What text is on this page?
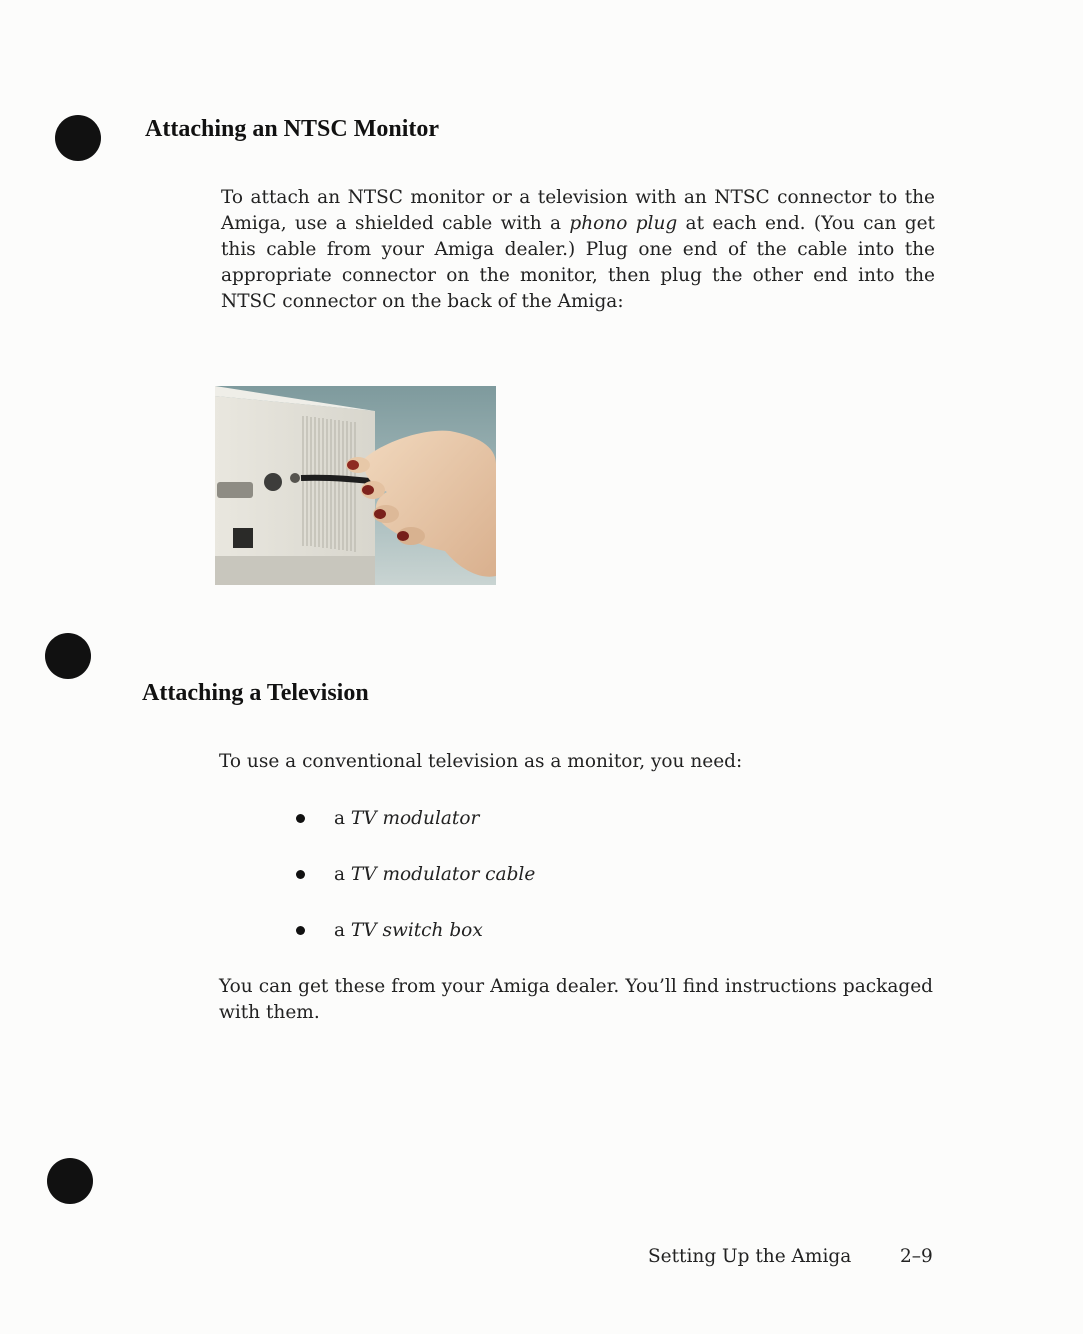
Attaching an NTSC Monitor

To attach an NTSC monitor or a television with an NTSC connector to the Amiga, use a shielded cable with a phono plug at each end. (You can get this cable from your Amiga dealer.) Plug one end of the cable into the appropriate connector on the monitor, then plug the other end into the NTSC connector on the back of the Amiga:

Attaching a Television

To use a conventional television as a monitor, you need:

a TV modulator
a TV modulator cable
a TV switch box

You can get these from your Amiga dealer. You’ll find instructions packaged with them.

Setting Up the Amiga	2–9
